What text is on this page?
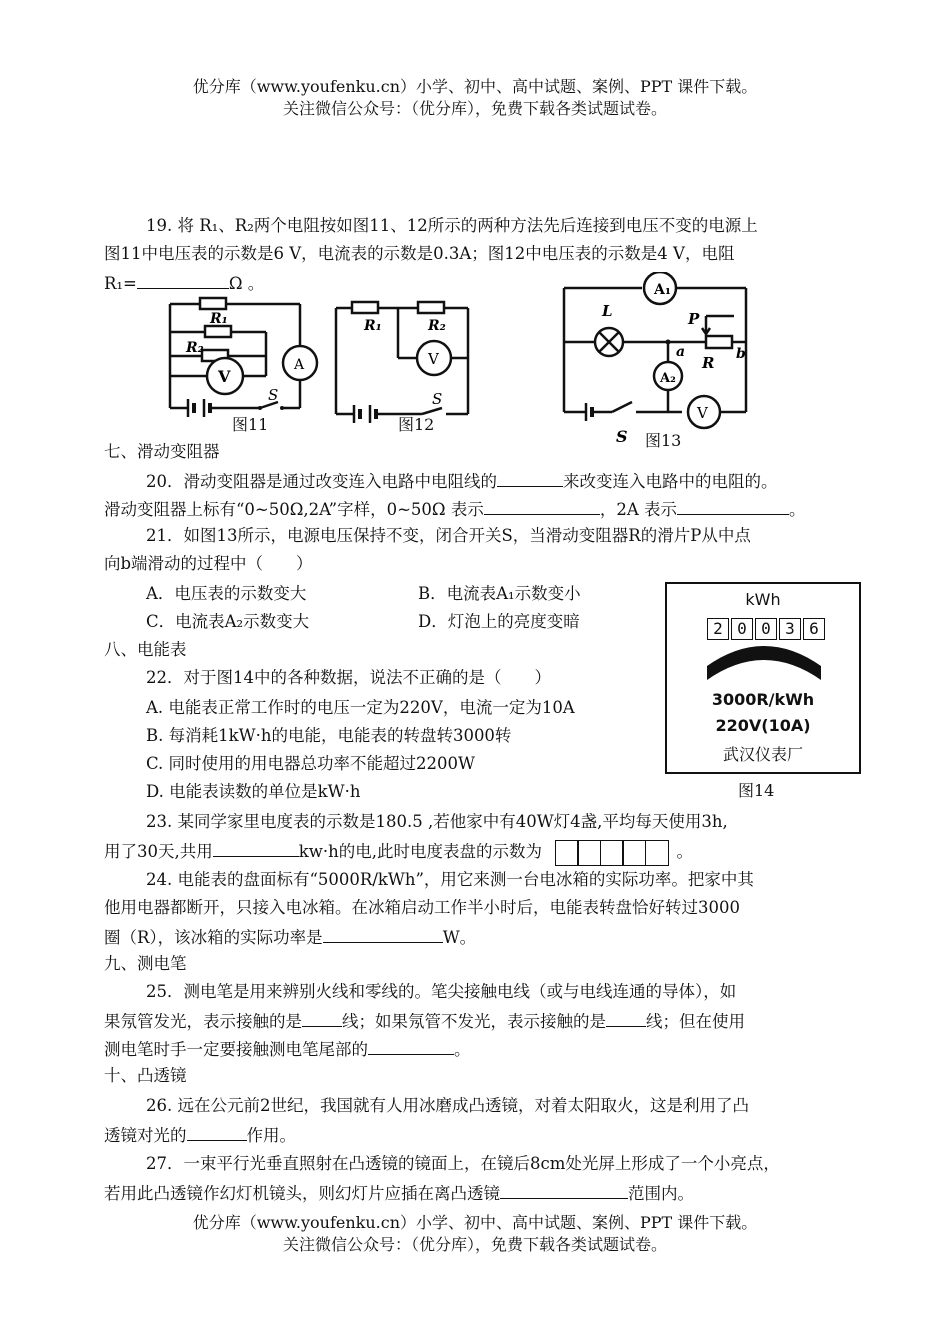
优分库（www.youfenku.cn）小学、初中、高中试题、案例、PPT 课件下载。
关注微信公众号：（优分库），免费下载各类试题试卷。
19. 将 R₁、R₂两个电阻按如图11、12所示的两种方法先后连接到电压不变的电源上
图11中电压表的示数是6 V，电流表的示数是0.3A；图12中电压表的示数是4 V，电阻
R₁=	Ω 。
R₁
R₂
V
A
S
图11
R₁	R₂
V
S
图12
A₁
L	P
a	b
R
A₂
V
S 图13
七、滑动变阻器
20．滑动变阻器是通过改变连入电路中电阻线的	来改变连入电路中的电阻的。
滑动变阻器上标有“0~50Ω,2A”字样，0~50Ω 表示	，2A 表示	。
21．如图13所示，电源电压保持不变，闭合开关S，当滑动变阻器R的滑片P从中点
向b端滑动的过程中（　　）
A．电压表的示数变大	B．电流表A₁示数变小
C．电流表A₂示数变大	D．灯泡上的亮度变暗
kWh
2 0 0 3 6
3000R/kWh
220V(10A)
武汉仪表厂
图14
八、电能表
22．对于图14中的各种数据，说法不正确的是（　　）
A. 电能表正常工作时的电压一定为220V，电流一定为10A
B. 每消耗1kW·h的电能，电能表的转盘转3000转
C. 同时使用的用电器总功率不能超过2200W
D. 电能表读数的单位是kW·h
23. 某同学家里电度表的示数是180.5 ,若他家中有40W灯4盏,平均每天使用3h,
用了30天,共用	kw·h的电,此时电度表盘的示数为	。
24. 电能表的盘面标有“5000R/kWh”，用它来测一台电冰箱的实际功率。把家中其
他用电器都断开，只接入电冰箱。在冰箱启动工作半小时后，电能表转盘恰好转过3000
圈（R），该冰箱的实际功率是	W。
九、测电笔
25．测电笔是用来辨别火线和零线的。笔尖接触电线（或与电线连通的导体），如
果氖管发光，表示接触的是 线；如果氖管不发光，表示接触的是 线；但在使用
测电笔时手一定要接触测电笔尾部的	。
十、凸透镜
26. 远在公元前2世纪，我国就有人用冰磨成凸透镜，对着太阳取火，这是利用了凸
透镜对光的	作用。
27．一束平行光垂直照射在凸透镜的镜面上，在镜后8cm处光屏上形成了一个小亮点，
若用此凸透镜作幻灯机镜头，则幻灯片应插在离凸透镜	范围内。
优分库（www.youfenku.cn）小学、初中、高中试题、案例、PPT 课件下载。
关注微信公众号：（优分库），免费下载各类试题试卷。
